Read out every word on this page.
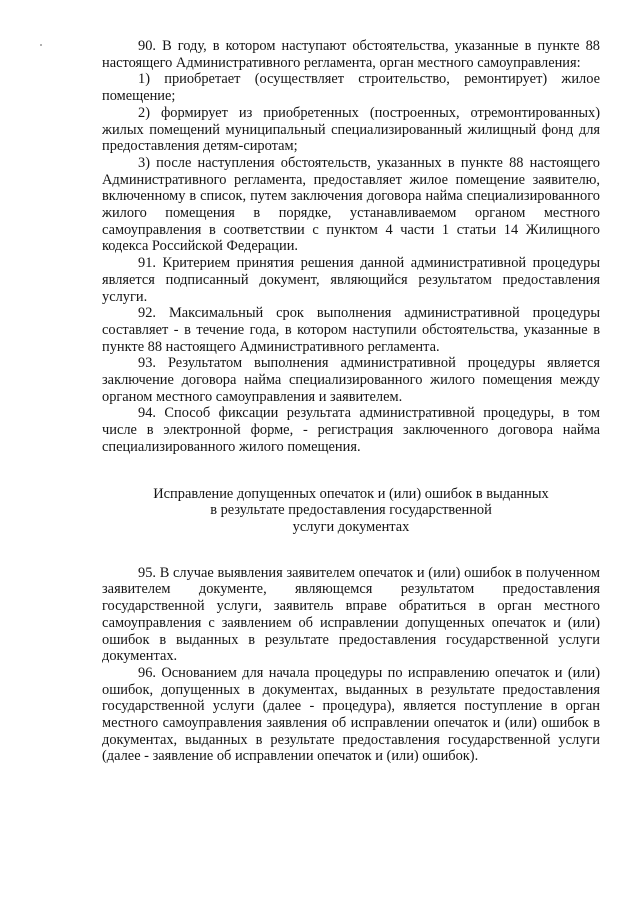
90. В году, в котором наступают обстоятельства, указанные в пункте 88 настоящего Административного регламента, орган местного самоуправления:

1) приобретает (осуществляет строительство, ремонтирует) жилое помещение;

2) формирует из приобретенных (построенных, отремонтированных) жилых помещений муниципальный специализированный жилищный фонд для предоставления детям-сиротам;

3) после наступления обстоятельств, указанных в пункте 88 настоящего Административного регламента, предоставляет жилое помещение заявителю, включенному в список, путем заключения договора найма специализированного жилого помещения в порядке, устанавливаемом органом местного самоуправления в соответствии с пунктом 4 части 1 статьи 14 Жилищного кодекса Российской Федерации.

91. Критерием принятия решения данной административной процедуры является подписанный документ, являющийся результатом предоставления услуги.

92. Максимальный срок выполнения административной процедуры составляет - в течение года, в котором наступили обстоятельства, указанные в пункте 88 настоящего Административного регламента.

93. Результатом выполнения административной процедуры является заключение договора найма специализированного жилого помещения между органом местного самоуправления и заявителем.

94. Способ фиксации результата административной процедуры, в том числе в электронной форме, - регистрация заключенного договора найма специализированного жилого помещения.

Исправление допущенных опечаток и (или) ошибок в выданных
в результате предоставления государственной
услуги документах

95. В случае выявления заявителем опечаток и (или) ошибок в полученном заявителем документе, являющемся результатом предоставления государственной услуги, заявитель вправе обратиться в орган местного самоуправления с заявлением об исправлении допущенных опечаток и (или) ошибок в выданных в результате предоставления государственной услуги документах.

96. Основанием для начала процедуры по исправлению опечаток и (или) ошибок, допущенных в документах, выданных в результате предоставления государственной услуги (далее - процедура), является поступление в орган местного самоуправления заявления об исправлении опечаток и (или) ошибок в документах, выданных в результате предоставления государственной услуги (далее - заявление об исправлении опечаток и (или) ошибок).
